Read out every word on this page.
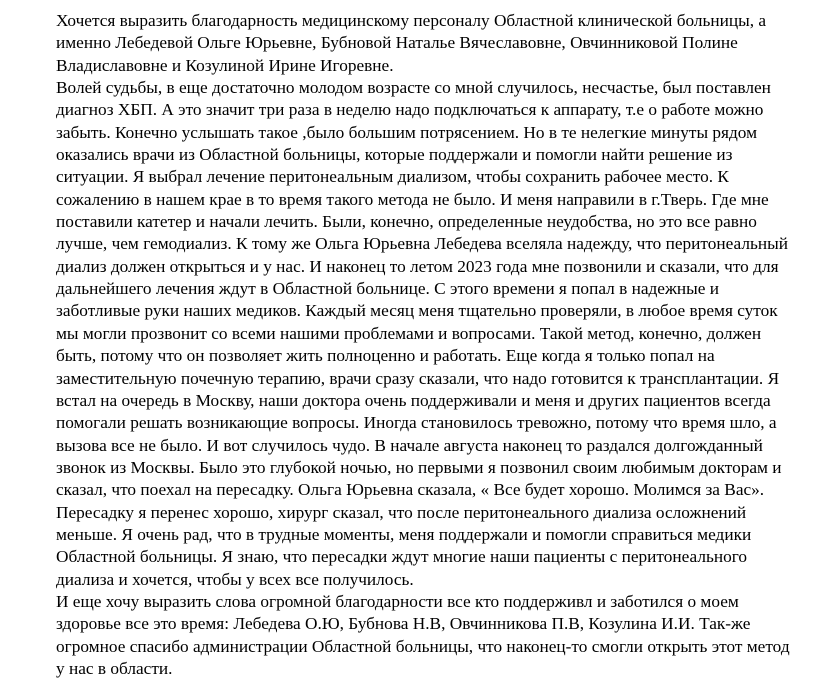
Хочется выразить благодарность медицинскому персоналу Областной клинической больницы, а
именно Лебедевой Ольге Юрьевне, Бубновой Наталье Вячеславовне, Овчинниковой Полине
Владиславовне и Козулиной Ирине Игоревне.
Волей судьбы, в еще достаточно молодом возрасте со мной случилось, несчастье, был поставлен
диагноз ХБП. А это значит три раза в неделю надо подключаться к аппарату, т.е о работе можно
забыть. Конечно услышать такое ,было большим потрясением. Но в те нелегкие минуты рядом
оказались врачи из Областной больницы, которые поддержали и помогли найти решение из
ситуации. Я выбрал лечение перитонеальным диализом, чтобы сохранить рабочее место. К
сожалению в нашем крае в то время такого метода не было. И меня направили в г.Тверь. Где мне
поставили катетер и начали лечить. Были, конечно, определенные неудобства, но это все равно
лучше, чем гемодиализ. К тому же Ольга Юрьевна Лебедева вселяла надежду, что перитонеальный
диализ должен открыться и у нас. И наконец то летом 2023 года мне позвонили и сказали, что для
дальнейшего лечения ждут в Областной больнице. С этого времени я попал в надежные и
заботливые руки наших медиков. Каждый месяц меня тщательно проверяли, в любое время суток
мы могли прозвонит со всеми нашими проблемами и вопросами. Такой метод, конечно, должен
быть, потому что он позволяет жить полноценно и работать. Еще когда я только попал на
заместительную почечную терапию, врачи сразу сказали, что надо готовится к трансплантации. Я
встал на очередь в Москву, наши доктора очень поддерживали и меня и других пациентов всегда
помогали решать возникающие вопросы. Иногда становилось тревожно, потому что время шло, а
вызова все не было. И вот случилось чудо. В начале августа наконец то раздался долгожданный
звонок из Москвы. Было это глубокой ночью, но первыми я позвонил своим любимым докторам и
сказал, что поехал на пересадку. Ольга Юрьевна сказала, « Все будет хорошо. Молимся за Вас».
Пересадку я перенес хорошо, хирург сказал, что после перитонеального диализа осложнений
меньше. Я очень рад, что в трудные моменты, меня поддержали и помогли справиться медики
Областной больницы. Я знаю, что пересадки ждут многие наши пациенты с перитонеального
диализа и хочется, чтобы у всех все получилось.
И еще хочу выразить слова огромной благодарности все кто поддерживл и заботился о моем
здоровье все это время: Лебедева О.Ю, Бубнова Н.В, Овчинникова П.В, Козулина И.И. Так-же
огромное спасибо администрации Областной больницы, что наконец-то смогли открыть этот метод
у нас в области.
